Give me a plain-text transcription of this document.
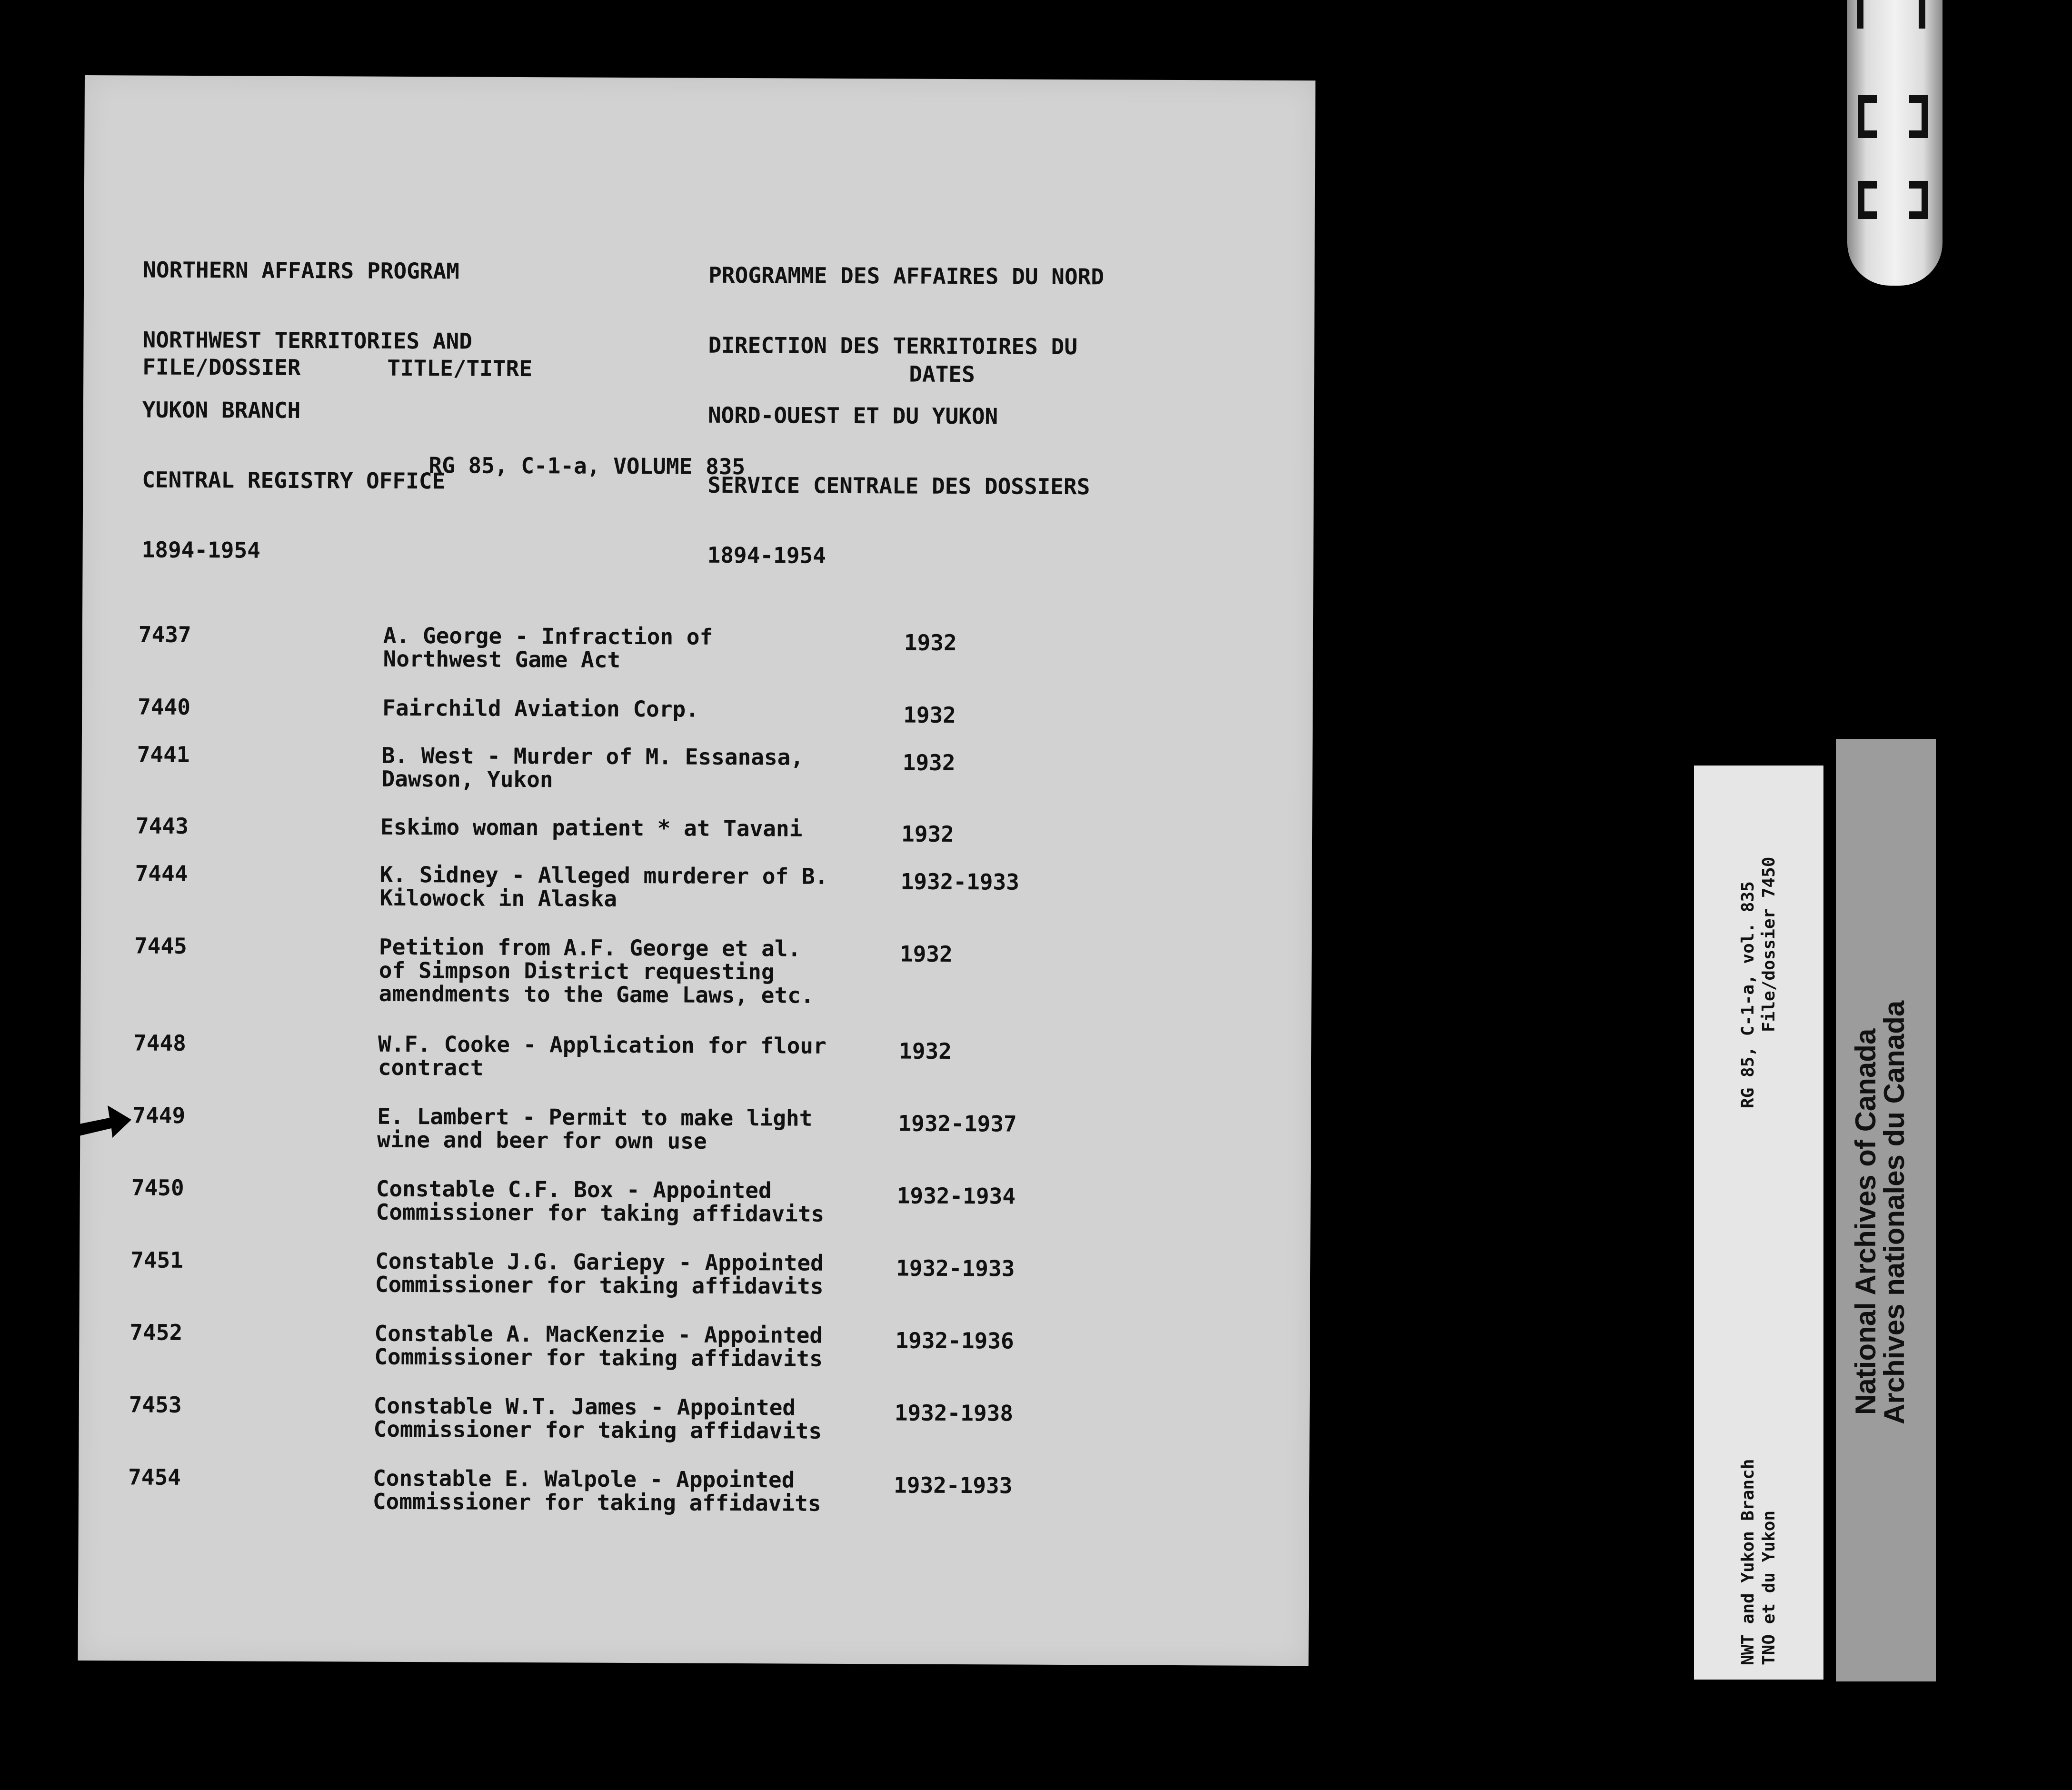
NORTHERN AFFAIRS PROGRAM

NORTHWEST TERRITORIES AND

YUKON BRANCH

CENTRAL REGISTRY OFFICE

1894-1954

PROGRAMME DES AFFAIRES DU NORD

DIRECTION DES TERRITOIRES DU

NORD-OUEST ET DU YUKON

SERVICE CENTRALE DES DOSSIERS

1894-1954

FILE/DOSSIER	TITLE/TITRE	DATES
RG 85, C-1-a, VOLUME 835
7437	A. George - Infraction of
Northwest Game Act
1932
7440	Fairchild Aviation Corp.	1932
7441	B. West - Murder of M. Essanasa,
Dawson, Yukon
1932
7443	Eskimo woman patient * at Tavani	1932
7444	K. Sidney - Alleged murderer of B.
Kilowock in Alaska
1932-1933
7445	Petition from A.F. George et al.
of Simpson District requesting
amendments to the Game Laws, etc.
1932
7448	W.F. Cooke - Application for flour
contract
1932
7449	E. Lambert - Permit to make light
wine and beer for own use
1932-1937
7450	Constable C.F. Box - Appointed
Commissioner for taking affidavits
1932-1934
7451	Constable J.G. Gariepy - Appointed
Commissioner for taking affidavits
1932-1933
7452	Constable A. MacKenzie - Appointed
Commissioner for taking affidavits
1932-1936
7453	Constable W.T. James - Appointed
Commissioner for taking affidavits
1932-1938
7454	Constable E. Walpole - Appointed
Commissioner for taking affidavits
1932-1933
RG 85, C-1-a, vol. 835 File/dossier 7450
NWT and Yukon Branch TNO et du Yukon
National Archives of Canada
Archives nationales du Canada
